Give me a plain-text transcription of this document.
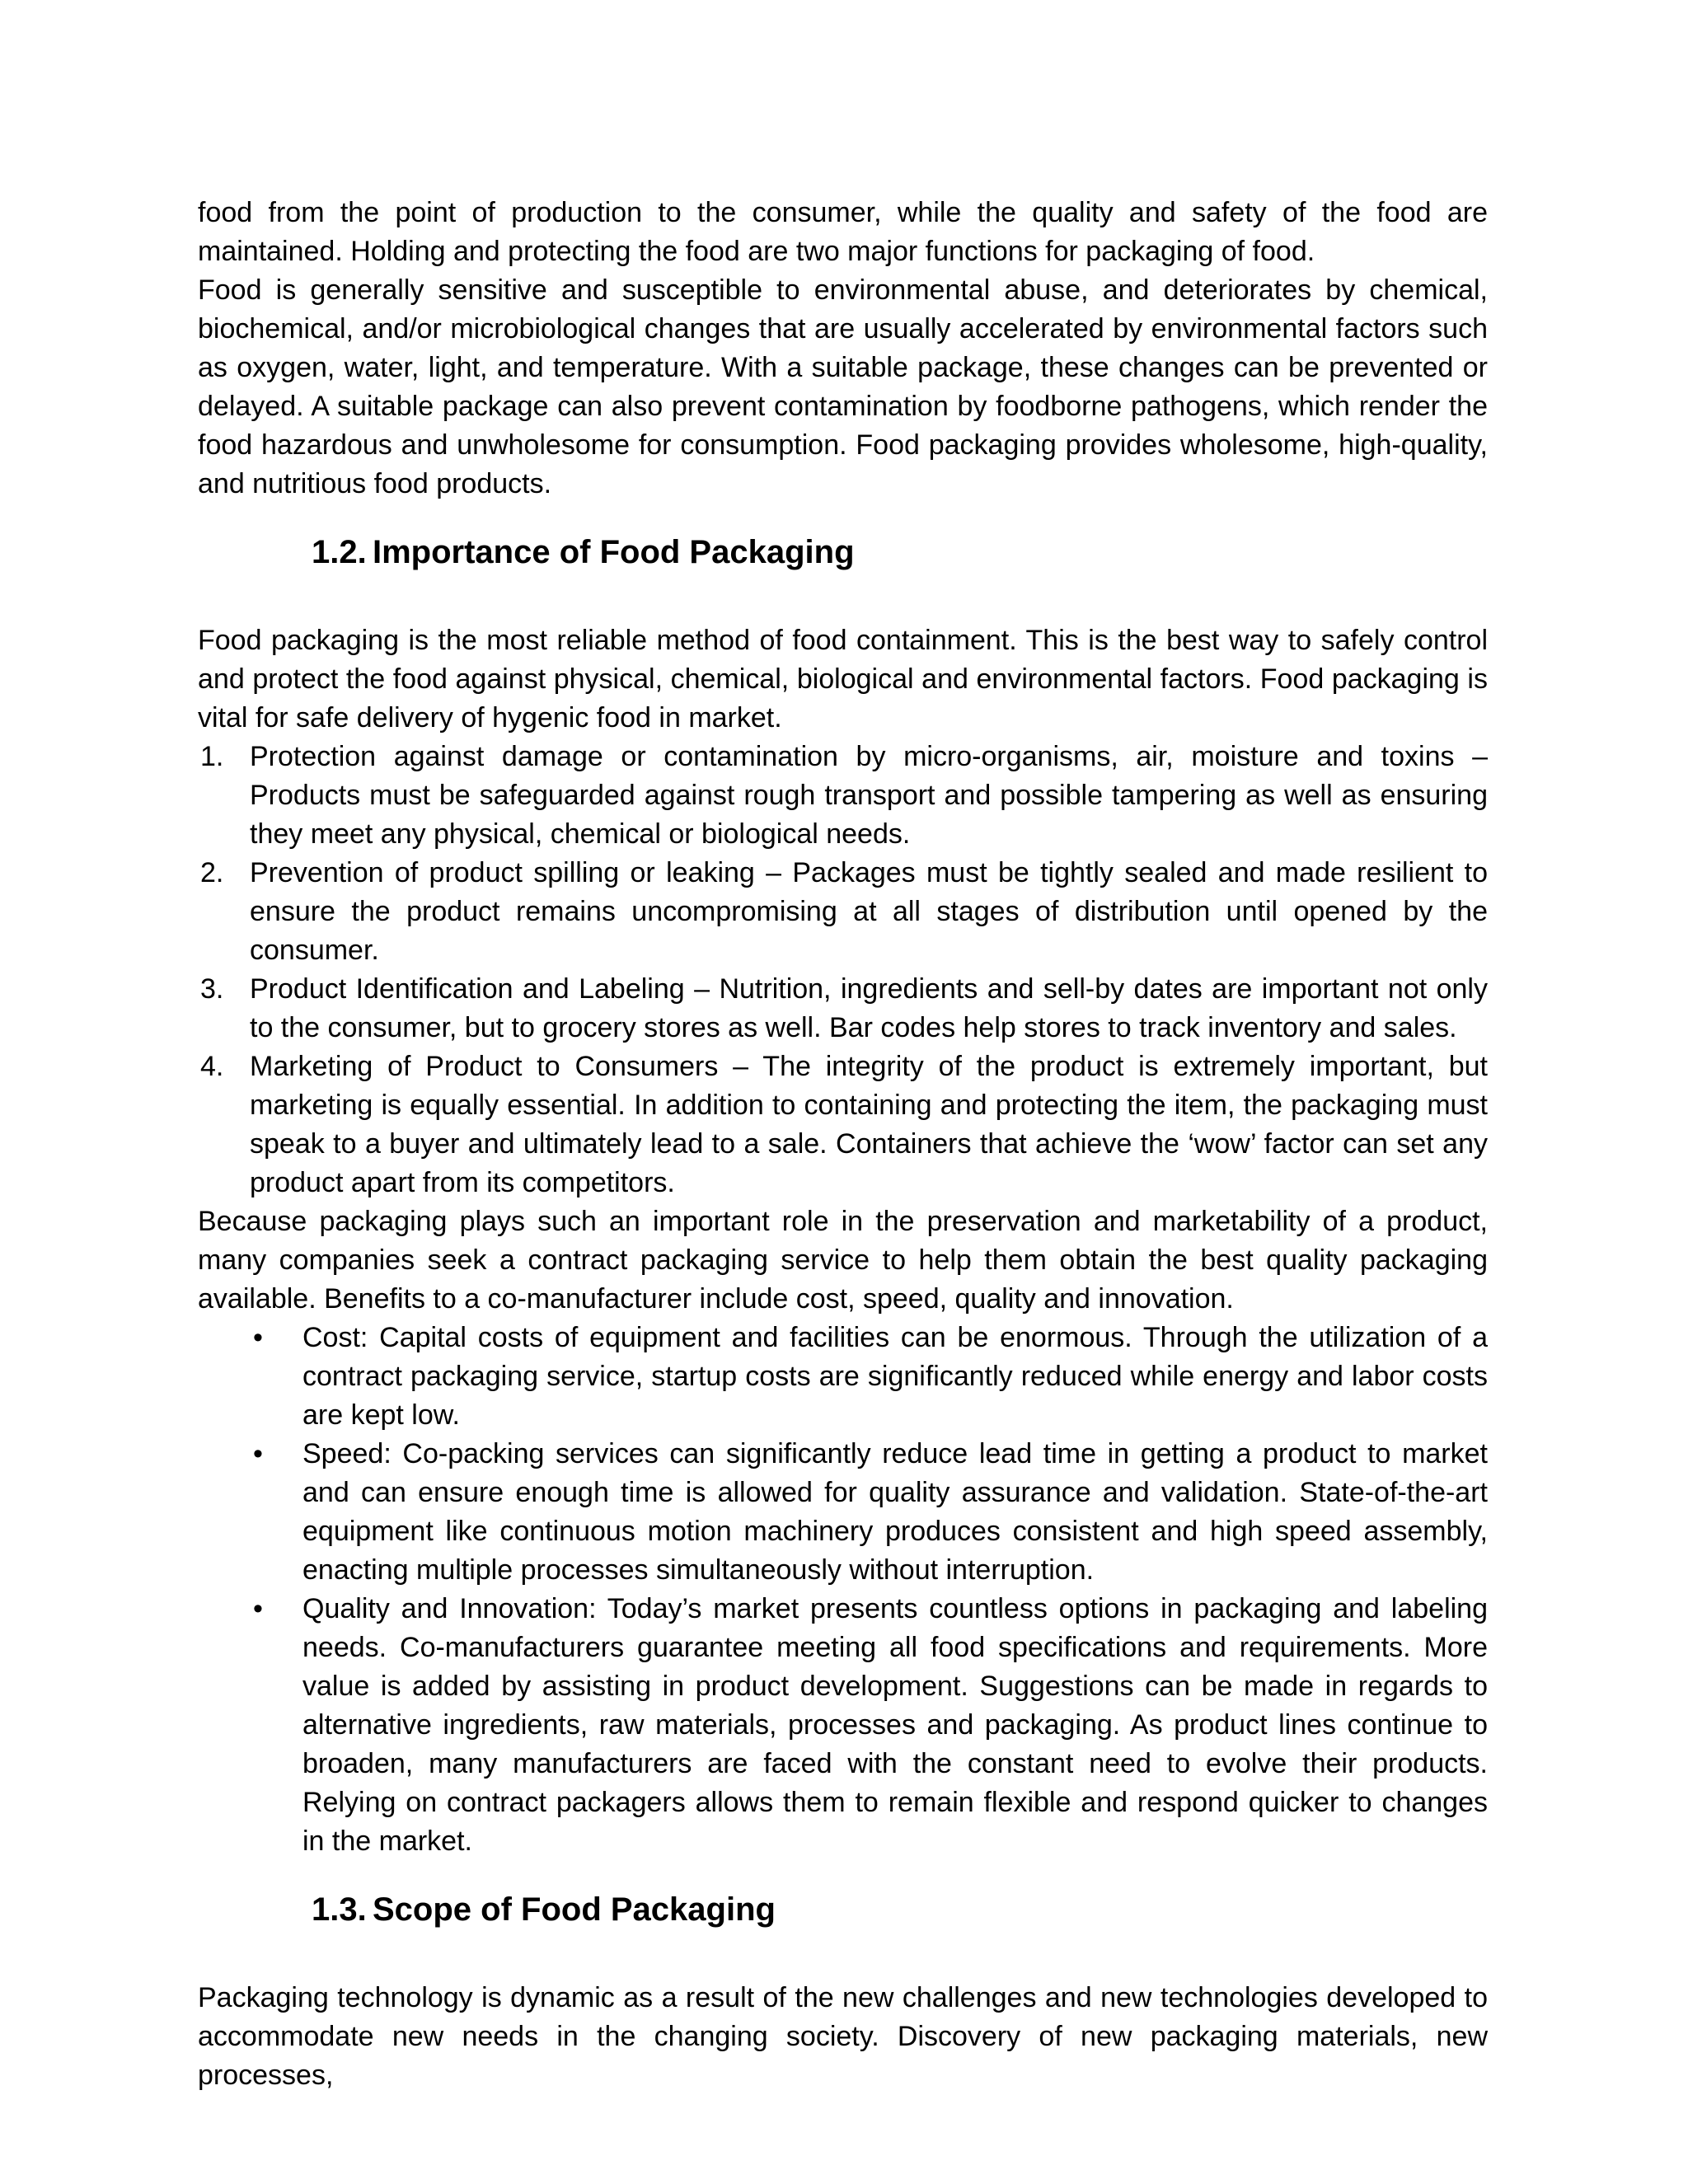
food from the point of production to the consumer, while the quality and safety of the food are maintained. Holding and protecting the food are two major functions for packaging of food.

Food is generally sensitive and susceptible to environmental abuse, and deteriorates by chemical, biochemical, and/or microbiological changes that are usually accelerated by environmental factors such as oxygen, water, light, and temperature. With a suitable package, these changes can be prevented or delayed. A suitable package can also prevent contamination by foodborne pathogens, which render the food hazardous and unwholesome for consumption. Food packaging provides wholesome, high-quality, and nutritious food products.

1.2. Importance of Food Packaging

Food packaging is the most reliable method of food containment. This is the best way to safely control and protect the food against physical, chemical, biological and environmental factors. Food packaging is vital for safe delivery of hygenic food in market.

1. Protection against damage or contamination by micro-organisms, air, moisture and toxins – Products must be safeguarded against rough transport and possible tampering as well as ensuring they meet any physical, chemical or biological needs.
2. Prevention of product spilling or leaking – Packages must be tightly sealed and made resilient to ensure the product remains uncompromising at all stages of distribution until opened by the consumer.
3. Product Identification and Labeling – Nutrition, ingredients and sell-by dates are important not only to the consumer, but to grocery stores as well. Bar codes help stores to track inventory and sales.
4. Marketing of Product to Consumers – The integrity of the product is extremely important, but marketing is equally essential. In addition to containing and protecting the item, the packaging must speak to a buyer and ultimately lead to a sale. Containers that achieve the ‘wow’ factor can set any product apart from its competitors.

Because packaging plays such an important role in the preservation and marketability of a product, many companies seek a contract packaging service to help them obtain the best quality packaging available. Benefits to a co-manufacturer include cost, speed, quality and innovation.

• Cost: Capital costs of equipment and facilities can be enormous. Through the utilization of a contract packaging service, startup costs are significantly reduced while energy and labor costs are kept low.
• Speed: Co-packing services can significantly reduce lead time in getting a product to market and can ensure enough time is allowed for quality assurance and validation. State-of-the-art equipment like continuous motion machinery produces consistent and high speed assembly, enacting multiple processes simultaneously without interruption.
• Quality and Innovation: Today’s market presents countless options in packaging and labeling needs. Co-manufacturers guarantee meeting all food specifications and requirements. More value is added by assisting in product development. Suggestions can be made in regards to alternative ingredients, raw materials, processes and packaging. As product lines continue to broaden, many manufacturers are faced with the constant need to evolve their products. Relying on contract packagers allows them to remain flexible and respond quicker to changes in the market.
1.3. Scope of Food Packaging

Packaging technology is dynamic as a result of the new challenges and new technologies developed to accommodate new needs in the changing society. Discovery of new packaging materials, new processes,
